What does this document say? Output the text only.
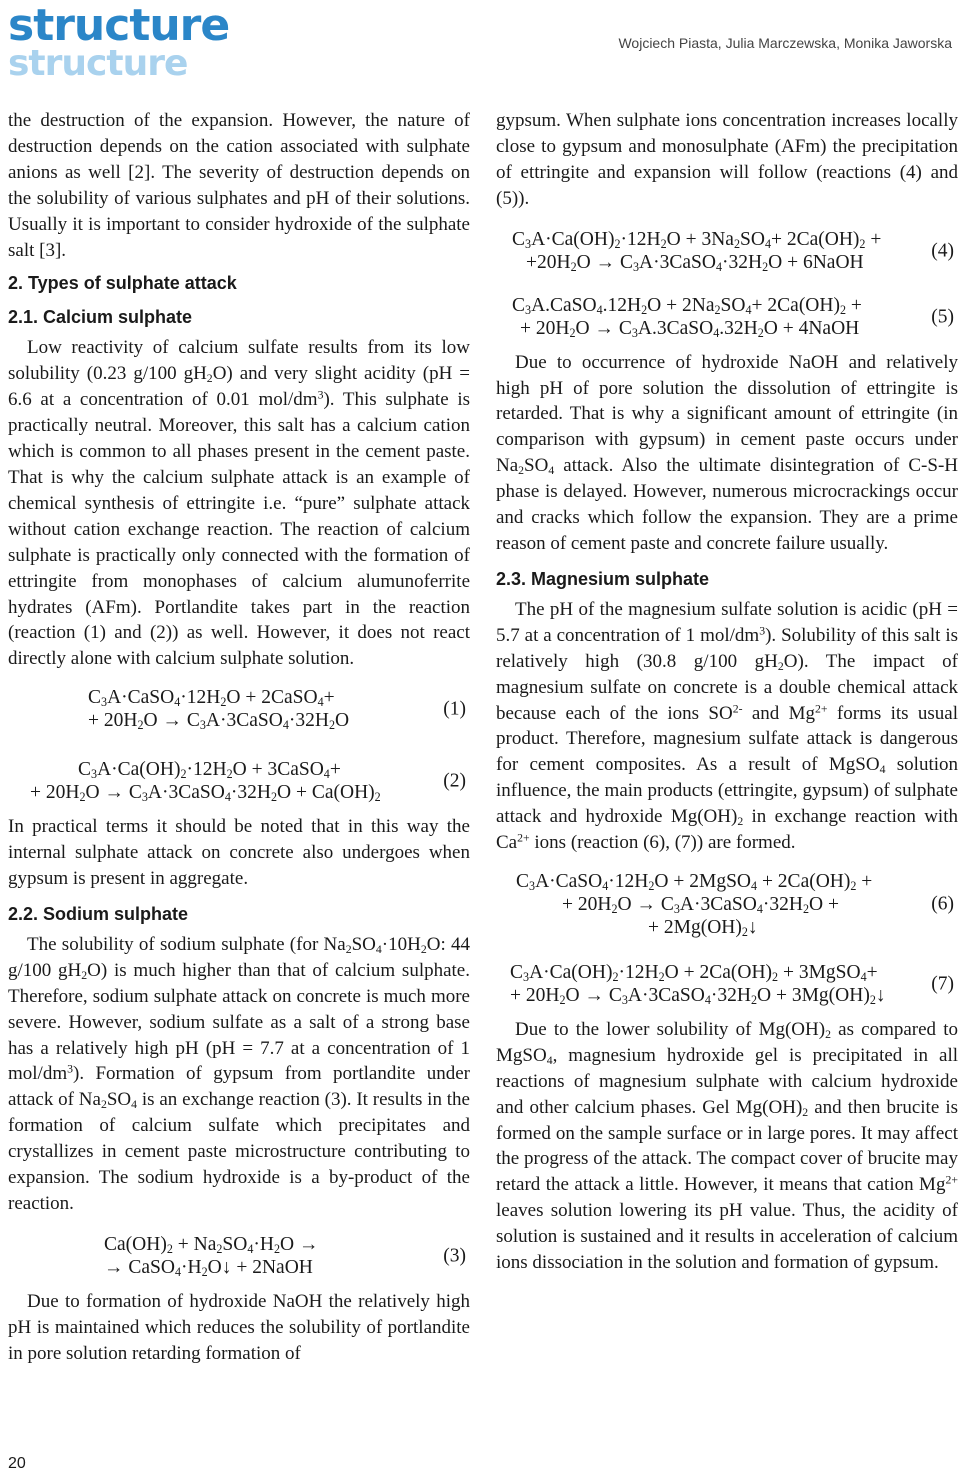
structure
structure	Wojciech Piasta, Julia Marczewska, Monika Jaworska

the destruction of the expansion. However, the nature of destruction depends on the cation associated with sulphate anions as well [2]. The severity of destruction depends on the solubility of various sulphates and pH of their solutions. Usually it is important to consider hydroxide of the sulphate salt [3].

2. Types of sulphate attack
2.1. Calcium sulphate

Low reactivity of calcium sulfate results from its low solubility (0.23 g/100 $gH_2O$) and very slight acidity (pH = 6.6 at a concentration of 0.01 mol/$dm^3$). This sulphate is practically neutral. Moreover, this salt has a calcium cation which is common to all phases present in the cement paste. That is why the calcium sulphate attack is an example of chemical synthesis of ettringite i.e. “pure” sulphate attack without cation exchange reaction. The reaction of calcium sulphate is practically only connected with the formation of ettringite from monophases of calcium alumunoferrite hydrates (AFm). Portlandite takes part in the reaction (reaction (1) and (2)) as well. However, it does not react directly alone with calcium sulphate solution.

$C_3A\cdot CaSO_4\cdot 12H_2O$ + 2CaSO$_4$+
+ $20H_2O$ → $C_3A\cdot 3CaSO_4\cdot 32H_2O$
(1)
$C_3A\cdot Ca(OH)_2\cdot 12H_2O$ + 3CaSO$_4$+
+ $20H_2O$ → $C_3A\cdot 3CaSO_4\cdot 32H_2O + Ca(OH)_2$
(2)

In practical terms it should be noted that in this way the internal sulphate attack on concrete also undergoes when gypsum is present in aggregate.

2.2. Sodium sulphate

The solubility of sodium sulphate (for $Na_2SO_4\cdot 10H_2O$: 44 g/100 $gH_2O$) is much higher than that of calcium sulphate. Therefore, sodium sulphate attack on concrete is much more severe. However, sodium sulfate as a salt of a strong base has a relatively high pH (pH = 7.7 at a concentration of 1 mol/$dm^3$). Formation of gypsum from portlandite under attack of $Na_2SO_4$ is an exchange reaction (3). It results in the formation of calcium sulfate which precipitates and crystallizes in cement paste microstructure contributing to expansion. The sodium hydroxide is a by-product of the reaction.

$Ca(OH)_2 + Na_2SO_4\cdot H_2O$ →
→ $CaSO_4\cdot H_2O↓$ + 2NaOH
(3)

Due to formation of hydroxide NaOH the relatively high pH is maintained which reduces the solubility of portlandite in pore solution retarding formation of

gypsum. When sulphate ions concentration increases locally close to gypsum and monosulphate (AFm) the precipitation of ettringite and expansion will follow (reactions (4) and (5)).

$C_3A\cdot Ca(OH)_2\cdot 12H_2O + 3Na_2SO_4+ 2Ca(OH)_2$ +
$+20H_2O$ → $C_3A\cdot 3CaSO_4\cdot 32H_2O$ + 6NaOH
(4)
$C_3A.CaSO_4.12H_2O + 2Na_2SO_4+ 2Ca(OH)_2$ +
+ $20H_2O$ → $C_3A.3CaSO_4.32H_2O$ + 4NaOH
(5)

Due to occurrence of hydroxide NaOH and relatively high pH of pore solution the dissolution of ettringite is retarded. That is why a significant amount of ettringite (in comparison with gypsum) in cement paste occurs under $Na_2SO_4$ attack. Also the ultimate disintegration of C-S-H phase is delayed. However, numerous microcrackings occur and cracks which follow the expansion. They are a prime reason of cement paste and concrete failure usually.

2.3. Magnesium sulphate

The pH of the magnesium sulfate solution is acidic (pH = 5.7 at a concentration of 1 mol/$dm^3$). Solubility of this salt is relatively high (30.8 g/100 $gH_2O$). The impact of magnesium sulfate on concrete is a double chemical attack because each of the ions $SO^{2-}$ and $Mg^{2+}$ forms its usual product. Therefore, magnesium sulfate attack is dangerous for cement composites. As a result of MgSO$_4$ solution influence, the main products (ettringite, gypsum) of sulphate attack and hydroxide $Mg(OH)_2$ in exchange reaction with $Ca^{2+}$ ions (reaction (6), (7)) are formed.

$C_3A\cdot CaSO_4\cdot 12H_2O$ + 2MgSO$_4$ + $2Ca(OH)_2$ +
+ $20H_2O$ → $C_3A\cdot 3CaSO_4\cdot 32H_2O$ +
+ $2Mg(OH)_2↓$
(6)
$C_3A\cdot Ca(OH)_2\cdot 12H_2O + 2Ca(OH)_2$ + 3MgSO$_4$+
+ $20H_2O$ → $C_3A\cdot 3CaSO_4\cdot 32H_2O$ + $3Mg(OH)_2↓$
(7)

Due to the lower solubility of $Mg(OH)_2$ as compared to MgSO$_4$, magnesium hydroxide gel is precipitated in all reactions of magnesium sulphate with calcium hydroxide and other calcium phases. Gel $Mg(OH)_2$ and then brucite is formed on the sample surface or in large pores. It may affect the progress of the attack. The compact cover of brucite may retard the attack a little. However, it means that cation $Mg^{2+}$ leaves solution lowering its pH value. Thus, the acidity of solution is sustained and it results in acceleration of calcium ions dissociation in the solution and formation of gypsum.

20
